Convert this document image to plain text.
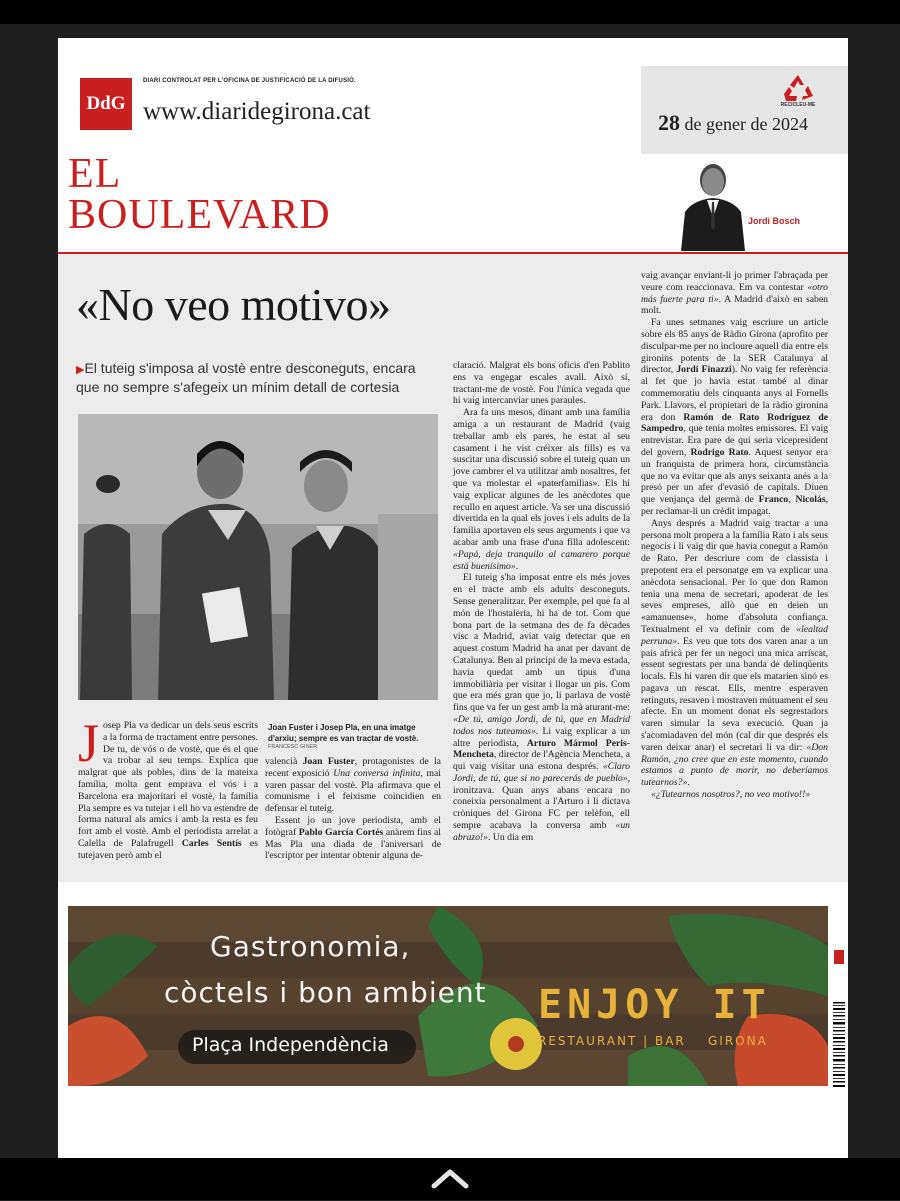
DdG
DIARI CONTROLAT PER L'OFICINA DE JUSTIFICACIÓ DE LA DIFUSIÓ.
www.diaridegirona.cat	RECICLEU-ME
28 de gener de 2024
EL
BOULEVARD	Jordi Bosch
«No veo motivo»
▶El tuteig s'imposa al vostè entre desconeguts, encara que no sempre s'afegeix un mínim detall de cortesia
Joan Fuster i Josep Pla, en una imatge d'arxiu; sempre es van tractar de vostè.
FRANCESC GINER

Josep Pla va dedicar un dels seus escrits a la forma de tractament entre persones. De tu, de vós o de vostè, que és el que va trobar al seu temps. Explica que malgrat que als pobles, dins de la mateixa família, molta gent emprava el vós i a Barcelona era majoritari el vostè, la família Pla sempre es va tutejar i ell ho va estendre de forma natural als amics i amb la resta es feu fort amb el vostè. Amb el periodista arrelat a Calella de Palafrugell Carles Sentís es tutejaven però amb el

valencià Joan Fuster, protagonistes de la recent exposició Una conversa infinita, mai varen passar del vostè. Pla afirmava que el comunisme i el feixisme coincidien en defensar el tuteig.

Essent jo un jove periodista, amb el fotògraf Pablo García Cortés anàrem fins al Mas Pla una diada de l'aniversari de l'escriptor per intentar obtenir alguna de-

claració. Malgrat els bons oficis d'en Pablito ens va engegar escales avall. Això sí, tractant-me de vostè. Fou l'única vegada que hi vaig intercanviar unes paraules.

Ara fa uns mesos, dinant amb una família amiga a un restaurant de Madrid (vaig treballar amb els pares, he estat al seu casament i he vist créixer als fills) es va suscitar una discussió sobre el tuteig quan un jove cambrer el va utilitzar amb nosaltres, fet que va molestar el «paterfamilias». Els hi vaig explicar algunes de les anècdotes que recullo en aquest article. Va ser una discussió divertida en la qual els joves i els adults de la família aportaven els seus arguments i que va acabar amb una frase d'una filla adolescent: «Papá, deja tranquilo al camarero porque está buenísimo».

El tuteig s'ha imposat entre els més joves en el tracte amb els adults desconeguts. Sense generalitzar. Per exemple, pel que fa al món de l'hostaleria, hi ha de tot. Com que bona part de la setmana des de fa dècades visc a Madrid, aviat vaig detectar que en aquest costum Madrid ha anat per davant de Catalunya. Ben al principi de la meva estada, havia quedat amb un tipus d'una immobiliària per visitar i llogar un pis. Com que era més gran que jo, li parlava de vostè fins que va fer un gest amb la mà aturant-me: «De tú, amigo Jordi, de tú, que en Madrid todos nos tuteamos». Li vaig explicar a un altre periodista, Arturo Mármol Peris-Mencheta, director de l'Agència Mencheta, a qui vaig visitar una estona després. «Claro Jordi, de tú, que si no parecerás de pueblo», ironitzava. Quan anys abans encara no coneixia personalment a l'Arturo i li dictava cròniques del Girona FC per telèfon, ell sempre acabava la conversa amb «un abrazo!». Un dia em

vaig avançar enviant-li jo primer l'abraçada per veure com reaccionava. Em va contestar «otro más fuerte para ti». A Madrid d'això en saben molt.

Fa unes setmanes vaig escriure un article sobre els 85 anys de Ràdio Girona (aprofito per disculpar-me per no incloure aquell dia entre els gironins potents de la SER Catalunya al director, Jordi Finazzi). No vaig fer referència al fet que jo havia estat també al dinar commemoratiu dels cinquanta anys al Fornells Park. Llavors, el propietari de la ràdio gironina era don Ramón de Rato Rodríguez de Sampedro, que tenia moltes emissores. El vaig entrevistar. Era pare de qui seria vicepresident del govern, Rodrigo Rato. Aquest senyor era un franquista de primera hora, circumstància que no va evitar que als anys seixanta anés a la presó per un afer d'evasió de capitals. Diuen que venjança del germà de Franco, Nicolás, per reclamar-li un crèdit impagat.

Anys després a Madrid vaig tractar a una persona molt propera a la família Rato i als seus negocis i li vaig dir que havia conegut a Ramón de Rato. Per descriure com de classista i prepotent era el personatge em va explicar una anècdota sensacional. Per lo que don Ramon tenia una mena de secretari, apoderat de les seves empreses, allò que en deien un «amanuense», home d'absoluta confiança. Textualment el va definir com de «lealtad perruna». Es veu que tots dos varen anar a un país africà per fer un negoci una mica arriscat, essent segrestats per una banda de delinqüents locals. Els hi varen dir que els matarien sinó es pagava un rescat. Ells, mentre esperaven retinguts, resaven i mostraven mútuament el seu afecte. En un moment donat els segrestadors varen simular la seva execució. Quan ja s'acomiadaven del món (cal dir que després els varen deixar anar) el secretari li va dir: «Don Ramón, ¿no cree que en este momento, cuando estamos a punto de morir, no deberíamos tutearnos?».

«¿Tutearnos nosotros?, no veo motivo!!»

Gastronomia,
còctels i bon ambient
Plaça Independència
ENJOY IT
RESTAURANT | BAR GIRONA
